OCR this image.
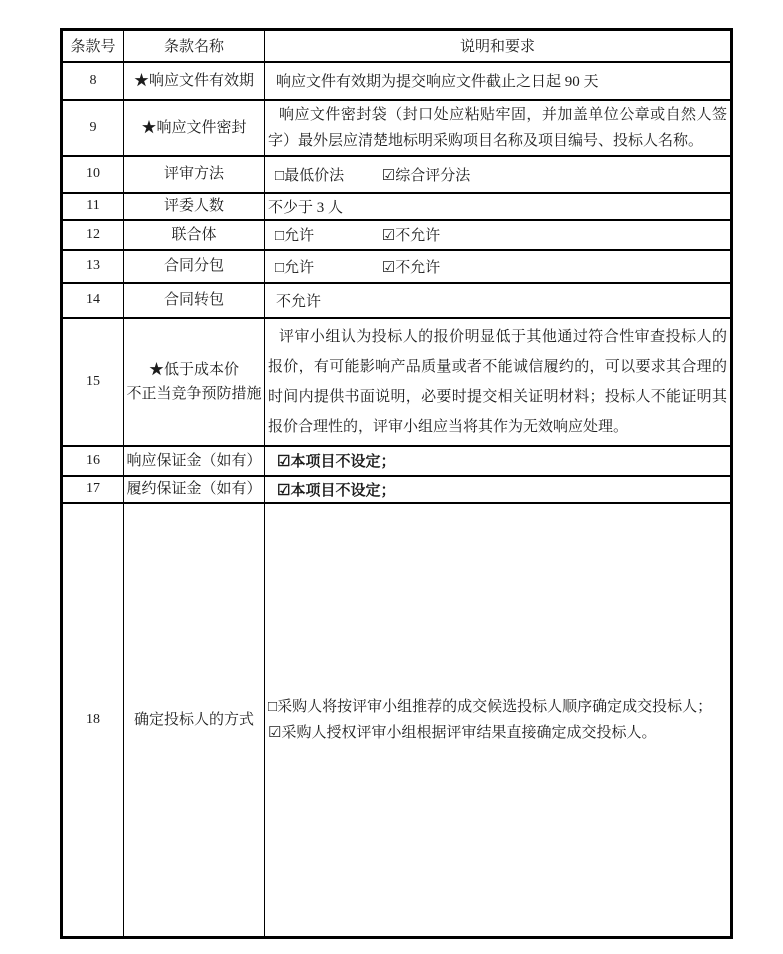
条款号	条款名称	说明和要求
8	★响应文件有效期	响应文件有效期为提交响应文件截止之日起 90 天
9	★响应文件密封	响应文件密封袋（封口处应粘贴牢固，并加盖单位公章或自然人签字）最外层应清楚地标明采购项目名称及项目编号、投标人名称。

10	评审方法	□最低价法 ☑综合评分法
11	评委人数	不少于 3 人
12	联合体	□允许 ☑不允许
13	合同分包	□允许 ☑不允许
14	合同转包	不允许
15	★低于成本价
不正当竞争预防措施	评审小组认为投标人的报价明显低于其他通过符合性审查投标人的报价，有可能影响产品质量或者不能诚信履约的，可以要求其合理的时间内提供书面说明，必要时提交相关证明材料；投标人不能证明其报价合理性的，评审小组应当将其作为无效响应处理。

16	响应保证金（如有）	☑本项目不设定；

17	履约保证金（如有）	☑本项目不设定；

18	确定投标人的方式	□采购人将按评审小组推荐的成交候选投标人顺序确定成交投标人；
☑采购人授权评审小组根据评审结果直接确定成交投标人。
